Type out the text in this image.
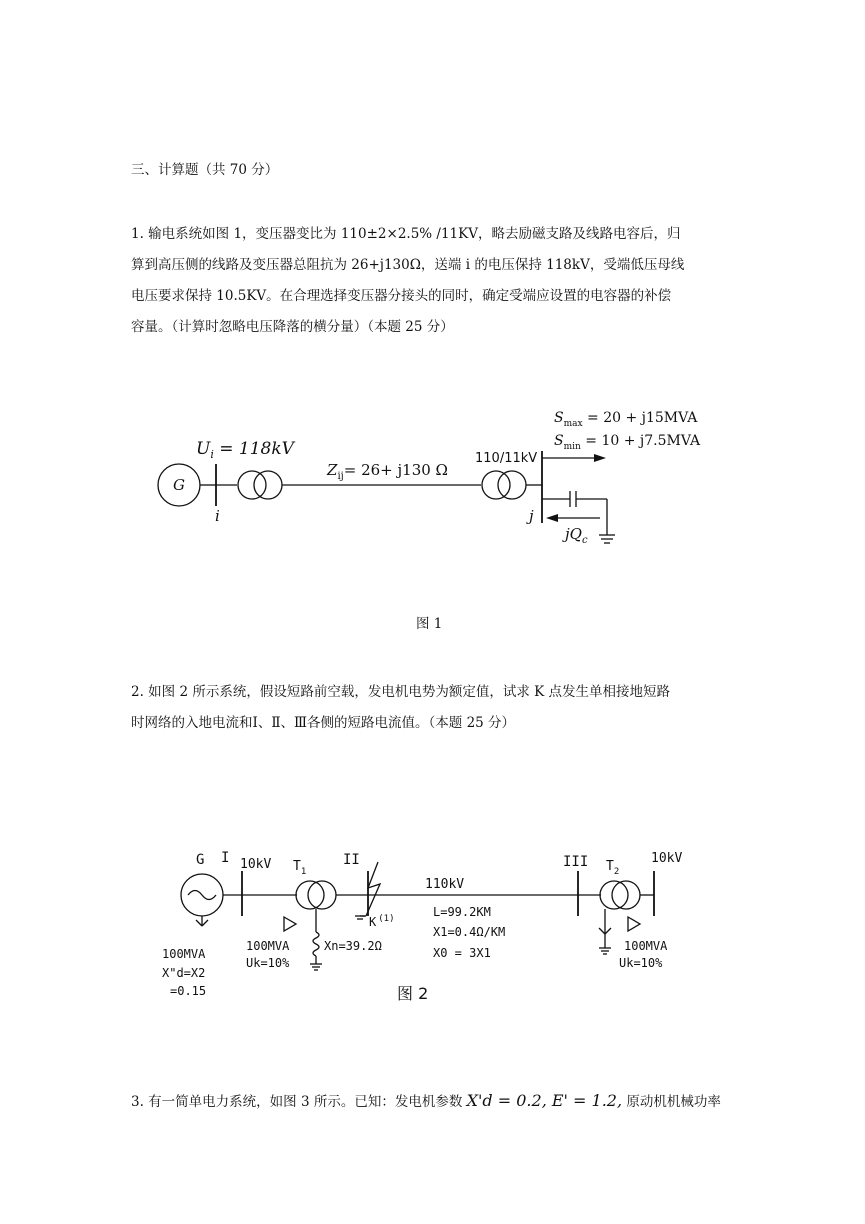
三、计算题（共 70 分）
1. 输电系统如图 1，变压器变比为 110±2×2.5% /11KV，略去励磁支路及线路电容后，归
算到高压侧的线路及变压器总阻抗为 26+j130Ω，送端 i 的电压保持 118kV，受端低压母线
电压要求保持 10.5KV。在合理选择变压器分接头的同时，确定受端应设置的电容器的补偿
容量。（计算时忽略电压降落的横分量）（本题 25 分）
G
$U_i = 118kV$
i
$Z_{ij}= 26+ j130$ Ω
110/11kV
$S_{max} = 20 + j15MVA$
$S_{min} = 10 + j7.5MVA$
j
$jQ_c$
图 1
2. 如图 2 所示系统，假设短路前空载，发电机电势为额定值，试求 K 点发生单相接地短路
时网络的入地电流和Ⅰ、Ⅱ、Ⅲ各侧的短路电流值。（本题 25 分）
G I 10kV $T_1$
II
110kV
III $T_2$
10kV
100MVA
X"d=X2
=0.15
100MVA
Uk=10%
Xn=39.2Ω
K $^{(1)}$	L=99.2KM
X1=0.4Ω/KM
X0 = 3X1	100MVA
Uk=10%
图 2
3. 有一简单电力系统，如图 3 所示。已知：发电机参数 X'd = 0.2, E' = 1.2, 原动机机械功率
